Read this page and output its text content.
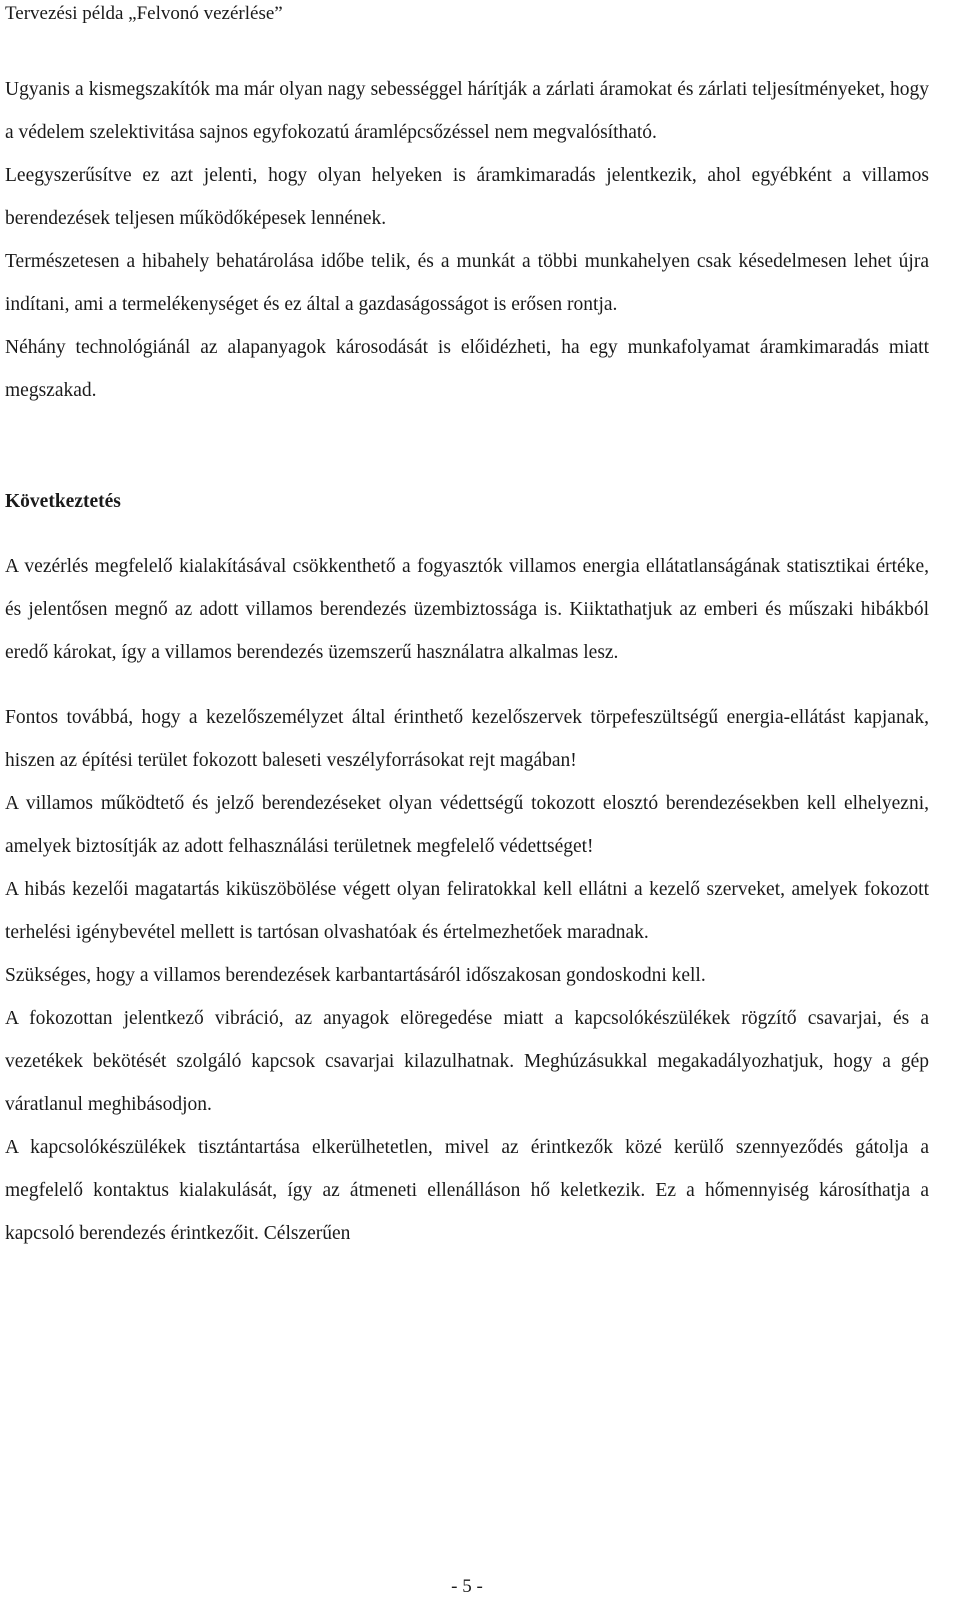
Tervezési példa „Felvonó vezérlése”

Ugyanis a kismegszakítók ma már olyan nagy sebességgel hárítják a zárlati áramokat és zárlati teljesítményeket, hogy a védelem szelektivitása sajnos egyfokozatú áramlépcsőzéssel nem megvalósítható.

Leegyszerűsítve ez azt jelenti, hogy olyan helyeken is áramkimaradás jelentkezik, ahol egyébként a villamos berendezések teljesen működőképesek lennének.

Természetesen a hibahely behatárolása időbe telik, és a munkát a többi munkahelyen csak késedelmesen lehet újra indítani, ami a termelékenységet és ez által a gazdaságosságot is erősen rontja.

Néhány technológiánál az alapanyagok károsodását is előidézheti, ha egy munkafolyamat áramkimaradás miatt megszakad.

Következtetés

A vezérlés megfelelő kialakításával csökkenthető a fogyasztók villamos energia ellátatlanságának statisztikai értéke, és jelentősen megnő az adott villamos berendezés üzembiztossága is. Kiiktathatjuk az emberi és műszaki hibákból eredő károkat, így a villamos berendezés üzemszerű használatra alkalmas lesz.

Fontos továbbá, hogy a kezelőszemélyzet által érinthető kezelőszervek törpefeszültségű energia-ellátást kapjanak, hiszen az építési terület fokozott baleseti veszélyforrásokat rejt magában!

A villamos működtető és jelző berendezéseket olyan védettségű tokozott elosztó berendezésekben kell elhelyezni, amelyek biztosítják az adott felhasználási területnek megfelelő védettséget!

A hibás kezelői magatartás kiküszöbölése végett olyan feliratokkal kell ellátni a kezelő szerveket, amelyek fokozott terhelési igénybevétel mellett is tartósan olvashatóak és értelmezhetőek maradnak.

Szükséges, hogy a villamos berendezések karbantartásáról időszakosan gondoskodni kell.

A fokozottan jelentkező vibráció, az anyagok elöregedése miatt a kapcsolókészülékek rögzítő csavarjai, és a vezetékek bekötését szolgáló kapcsok csavarjai kilazulhatnak. Meghúzásukkal megakadályozhatjuk, hogy a gép váratlanul meghibásodjon.

A kapcsolókészülékek tisztántartása elkerülhetetlen, mivel az érintkezők közé kerülő szennyeződés gátolja a megfelelő kontaktus kialakulását, így az átmeneti ellenálláson hő keletkezik. Ez a hőmennyiség károsíthatja a kapcsoló berendezés érintkezőit. Célszerűen

- 5 -
